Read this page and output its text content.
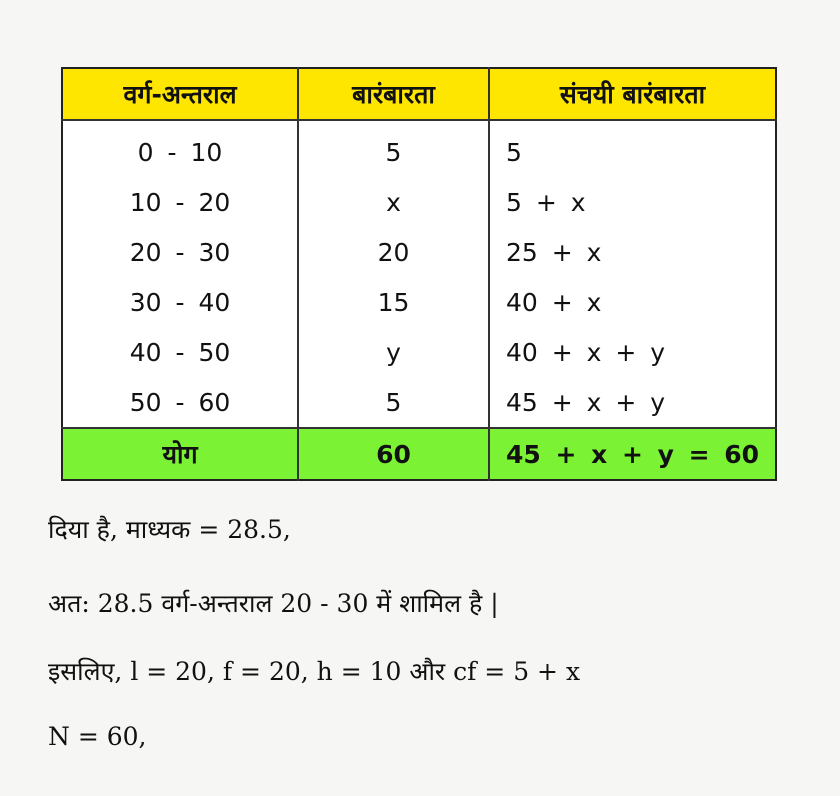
वर्ग-अन्तराल	बारंबारता	संचयी बारंबारता
0 - 10	5	5
10 - 20	x	5 + x
20 - 30	20	25 + x
30 - 40	15	40 + x
40 - 50	y	40 + x + y
50 - 60	5	45 + x + y
योग	60	45 + x + y = 60

दिया है, माध्यक = 28.5,

अत: 28.5 वर्ग-अन्तराल 20 - 30 में शामिल है |

इसलिए, l = 20, f = 20, h = 10 और cf = 5 + x

N = 60,
